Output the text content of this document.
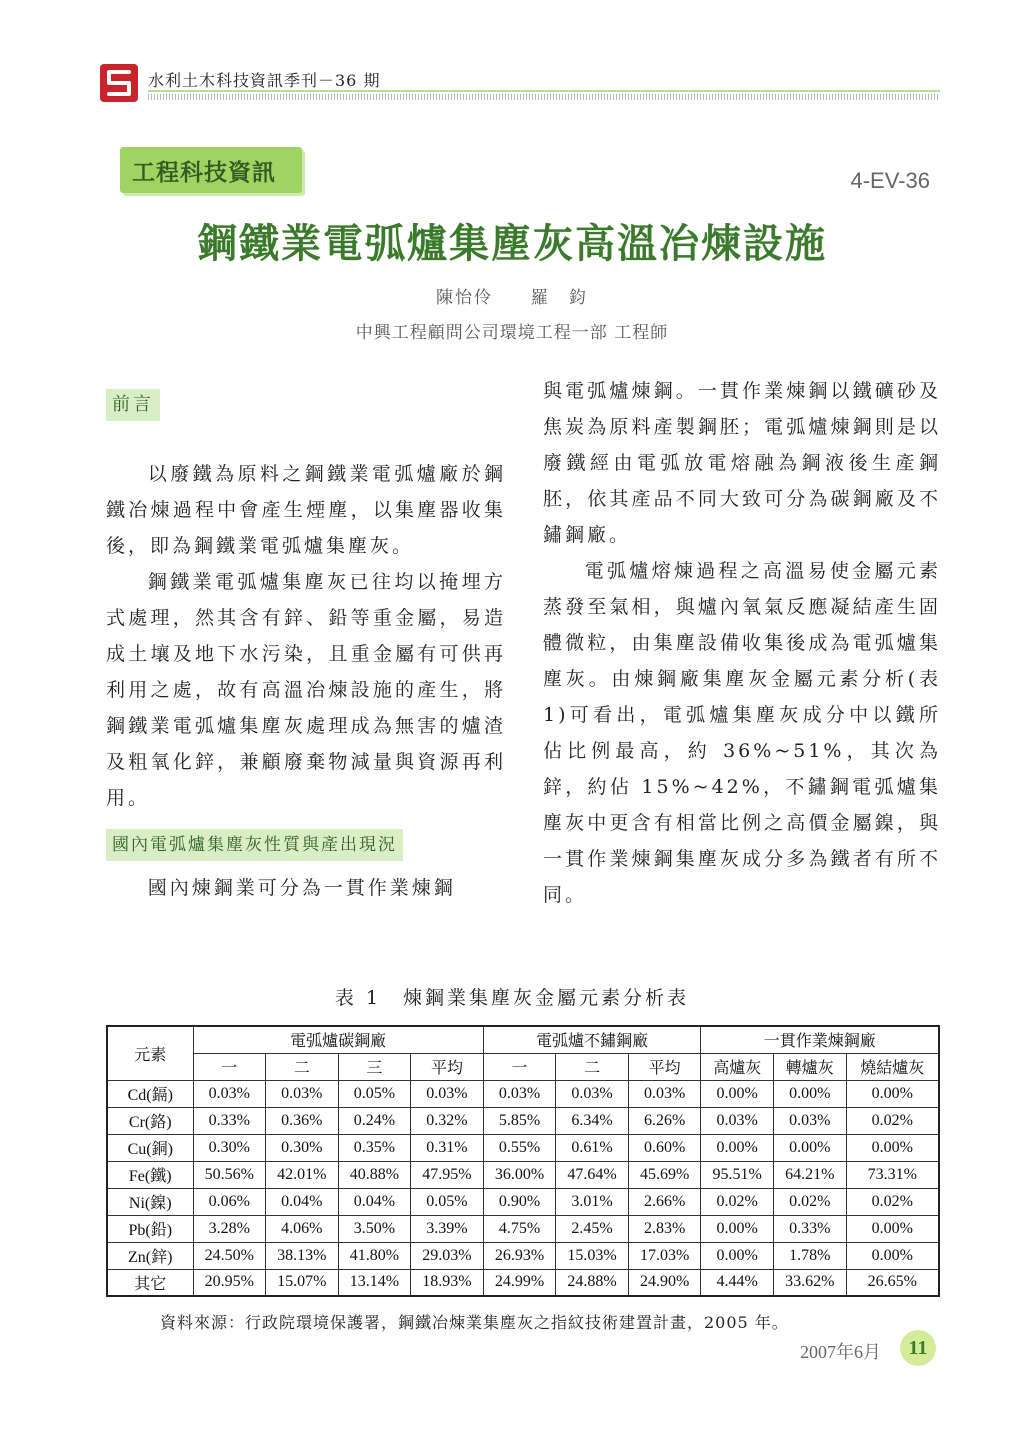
水利土木科技資訊季刊－36 期
工程科技資訊	4-EV-36
鋼鐵業電弧爐集塵灰高溫冶煉設施
陳怡伶　　羅　鈞
中興工程顧問公司環境工程一部 工程師
前言

以廢鐵為原料之鋼鐵業電弧爐廠於鋼鐵冶煉過程中會產生煙塵，以集塵器收集後，即為鋼鐵業電弧爐集塵灰。

鋼鐵業電弧爐集塵灰已往均以掩埋方式處理，然其含有鋅、鉛等重金屬，易造成土壤及地下水污染，且重金屬有可供再利用之處，故有高溫冶煉設施的產生，將鋼鐵業電弧爐集塵灰處理成為無害的爐渣及粗氧化鋅，兼顧廢棄物減量與資源再利用。

國內電弧爐集塵灰性質與產出現況

國內煉鋼業可分為一貫作業煉鋼

與電弧爐煉鋼。一貫作業煉鋼以鐵礦砂及焦炭為原料產製鋼胚；電弧爐煉鋼則是以廢鐵經由電弧放電熔融為鋼液後生產鋼胚，依其產品不同大致可分為碳鋼廠及不鏽鋼廠。

電弧爐熔煉過程之高溫易使金屬元素蒸發至氣相，與爐內氧氣反應凝結產生固體微粒，由集塵設備收集後成為電弧爐集塵灰。由煉鋼廠集塵灰金屬元素分析(表 1)可看出，電弧爐集塵灰成分中以鐵所佔比例最高，約 36%~51%，其次為鋅，約佔 15%~42%，不鏽鋼電弧爐集塵灰中更含有相當比例之高價金屬鎳，與一貫作業煉鋼集塵灰成分多為鐵者有所不同。

表 1　煉鋼業集塵灰金屬元素分析表
元素	電弧爐碳鋼廠				電弧爐不鏽鋼廠			一貫作業煉鋼廠		
	一	二	三	平均	一	二	平均	高爐灰	轉爐灰	燒結爐灰
Cd(鎘)	0.03%	0.03%	0.05%	0.03%	0.03%	0.03%	0.03%	0.00%	0.00%	0.00%
Cr(鉻)	0.33%	0.36%	0.24%	0.32%	5.85%	6.34%	6.26%	0.03%	0.03%	0.02%
Cu(銅)	0.30%	0.30%	0.35%	0.31%	0.55%	0.61%	0.60%	0.00%	0.00%	0.00%
Fe(鐵)	50.56%	42.01%	40.88%	47.95%	36.00%	47.64%	45.69%	95.51%	64.21%	73.31%
Ni(鎳)	0.06%	0.04%	0.04%	0.05%	0.90%	3.01%	2.66%	0.02%	0.02%	0.02%
Pb(鉛)	3.28%	4.06%	3.50%	3.39%	4.75%	2.45%	2.83%	0.00%	0.33%	0.00%
Zn(鋅)	24.50%	38.13%	41.80%	29.03%	26.93%	15.03%	17.03%	0.00%	1.78%	0.00%
其它	20.95%	15.07%	13.14%	18.93%	24.99%	24.88%	24.90%	4.44%	33.62%	26.65%
資料來源：行政院環境保護署，鋼鐵冶煉業集塵灰之指紋技術建置計畫，2005 年。
2007年6月	11
